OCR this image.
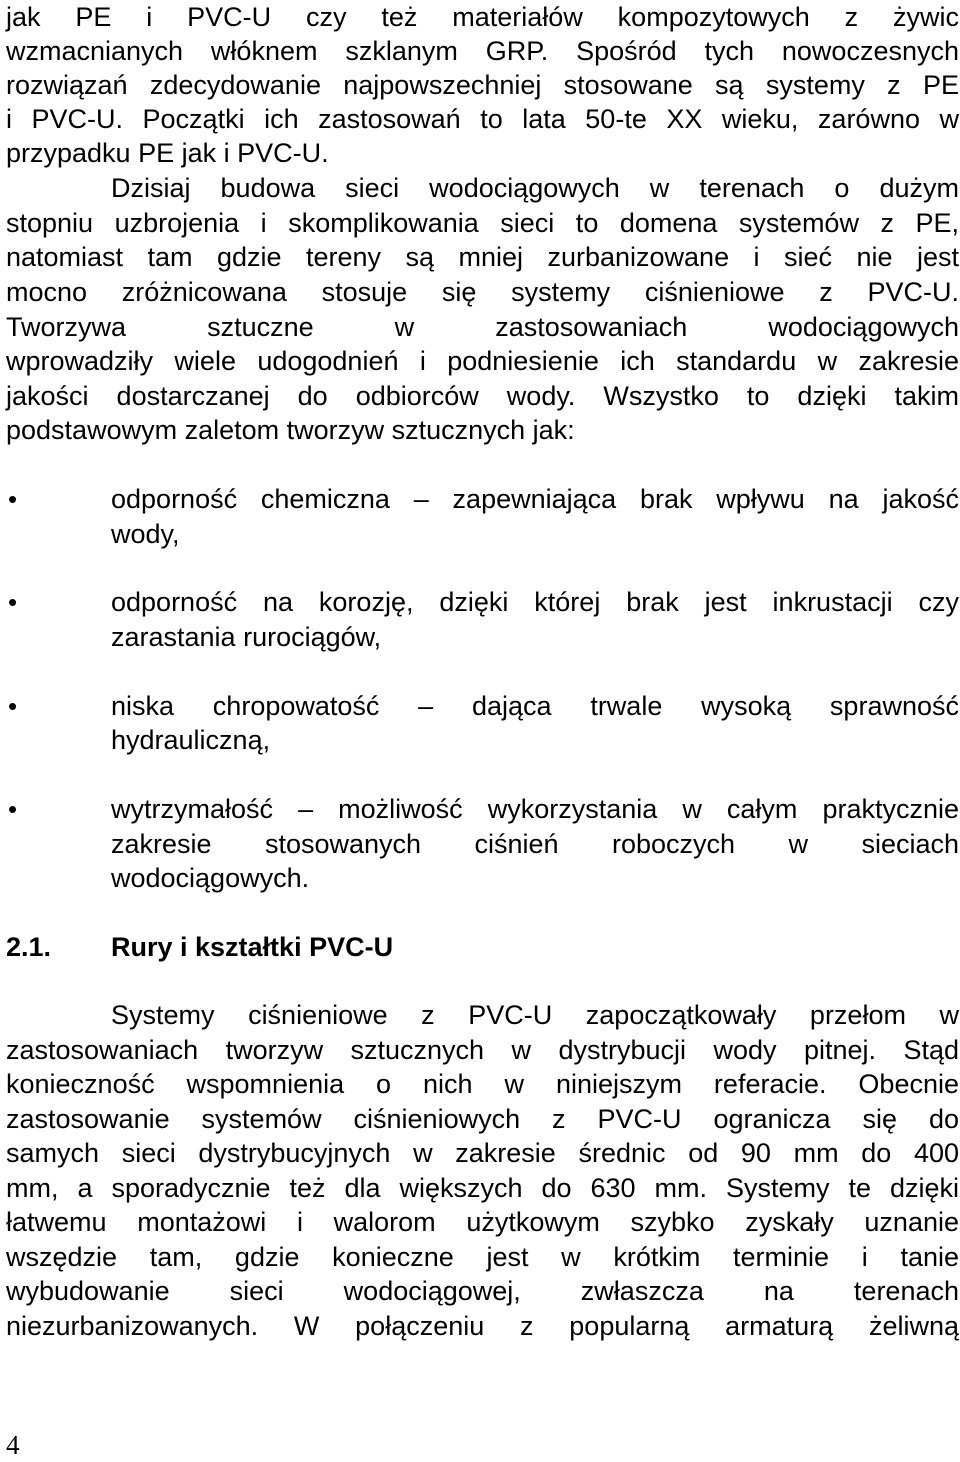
jak PE i PVC-U czy też materiałów kompozytowych z żywic
wzmacnianych włóknem szklanym GRP. Spośród tych nowoczesnych
rozwiązań zdecydowanie najpowszechniej stosowane są systemy z PE
i PVC-U. Początki ich zastosowań to lata 50-te XX wieku, zarówno w
przypadku PE jak i PVC-U.
Dzisiaj budowa sieci wodociągowych w terenach o dużym
stopniu uzbrojenia i skomplikowania sieci to domena systemów z PE,
natomiast tam gdzie tereny są mniej zurbanizowane i sieć nie jest
mocno zróżnicowana stosuje się systemy ciśnieniowe z PVC-U.
Tworzywa sztuczne w zastosowaniach wodociągowych
wprowadziły wiele udogodnień i podniesienie ich standardu w zakresie
jakości dostarczanej do odbiorców wody. Wszystko to dzięki takim
podstawowym zaletom tworzyw sztucznych jak:
•	odporność chemiczna – zapewniająca brak wpływu na jakość
wody,
•	odporność na korozję, dzięki której brak jest inkrustacji czy
zarastania rurociągów,
•	niska chropowatość – dająca trwale wysoką sprawność
hydrauliczną,
•	wytrzymałość – możliwość wykorzystania w całym praktycznie
zakresie stosowanych ciśnień roboczych w sieciach
wodociągowych.
2.1. Rury i kształtki PVC-U
Systemy ciśnieniowe z PVC-U zapoczątkowały przełom w
zastosowaniach tworzyw sztucznych w dystrybucji wody pitnej. Stąd
konieczność wspomnienia o nich w niniejszym referacie. Obecnie
zastosowanie systemów ciśnieniowych z PVC-U ogranicza się do
samych sieci dystrybucyjnych w zakresie średnic od 90 mm do 400
mm, a sporadycznie też dla większych do 630 mm. Systemy te dzięki
łatwemu montażowi i walorom użytkowym szybko zyskały uznanie
wszędzie tam, gdzie konieczne jest w krótkim terminie i tanie
wybudowanie sieci wodociągowej, zwłaszcza na terenach
niezurbanizowanych. W połączeniu z popularną armaturą żeliwną
4
